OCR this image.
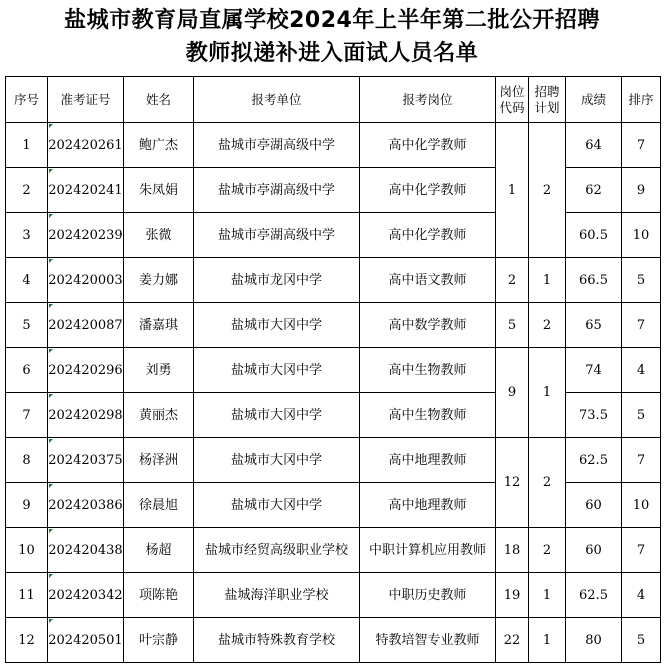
盐城市教育局直属学校2024年上半年第二批公开招聘
教师拟递补进入面试人员名单
序号	准考证号	姓名	报考单位	报考岗位	岗位代码	招聘计划	成绩	排序
1	202420261	鲍广杰	盐城市亭湖高级中学	高中化学教师	1	2	64	7
2	202420241	朱凤娟	盐城市亭湖高级中学	高中化学教师			62	9
3	202420239	张微	盐城市亭湖高级中学	高中化学教师			60.5	10
4	202420003	姜力娜	盐城市龙冈中学	高中语文教师	2	1	66.5	5
5	202420087	潘嘉琪	盐城市大冈中学	高中数学教师	5	2	65	7
6	202420296	刘勇	盐城市大冈中学	高中生物教师	9	1	74	4
7	202420298	黄丽杰	盐城市大冈中学	高中生物教师			73.5	5
8	202420375	杨泽洲	盐城市大冈中学	高中地理教师	12	2	62.5	7
9	202420386	徐晨旭	盐城市大冈中学	高中地理教师			60	10
10	202420438	杨超	盐城市经贸高级职业学校	中职计算机应用教师	18	2	60	7
11	202420342	项陈艳	盐城海洋职业学校	中职历史教师	19	1	62.5	4
12	202420501	叶宗静	盐城市特殊教育学校	特教培智专业教师	22	1	80	5
